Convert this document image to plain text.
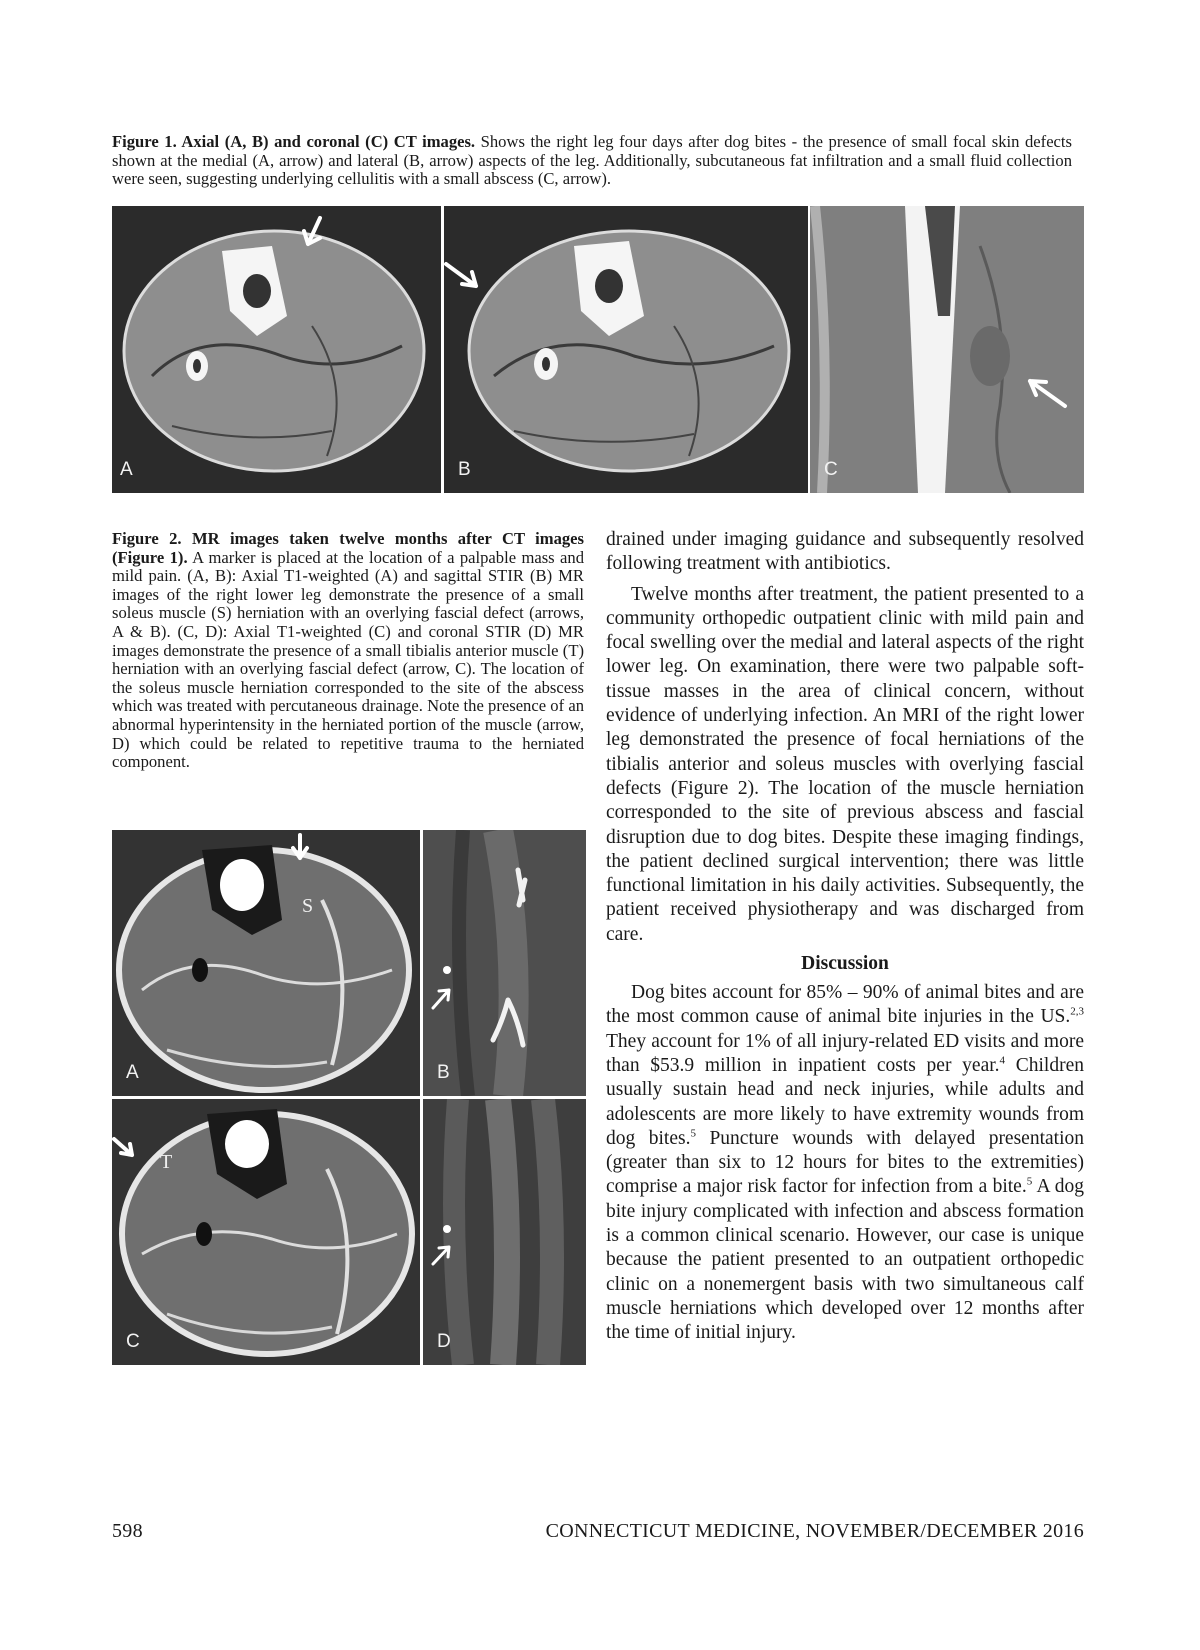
Figure 1. Axial (A, B) and coronal (C) CT images. Shows the right leg four days after dog bites - the presence of small focal skin defects shown at the medial (A, arrow) and lateral (B, arrow) aspects of the leg. Additionally, subcutaneous fat infiltration and a small fluid collection were seen, suggesting underlying cellulitis with a small abscess (C, arrow).
A	B	C
Figure 2. MR images taken twelve months after CT images (Figure 1). A marker is placed at the location of a palpable mass and mild pain. (A, B): Axial T1-weighted (A) and sagittal STIR (B) MR images of the right lower leg demonstrate the presence of a small soleus muscle (S) herniation with an overlying fascial defect (arrows, A & B). (C, D): Axial T1-weighted (C) and coronal STIR (D) MR images demonstrate the presence of a small tibialis anterior muscle (T) herniation with an overlying fascial defect (arrow, C). The location of the soleus muscle herniation corresponded to the site of the abscess which was treated with percutaneous drainage. Note the presence of an abnormal hyperintensity in the herniated portion of the muscle (arrow, D) which could be related to repetitive trauma to the herniated component.
S
A	B
T
C	D

drained under imaging guidance and subsequently resolved following treatment with antibiotics.

Twelve months after treatment, the patient presented to a community orthopedic outpatient clinic with mild pain and focal swelling over the medial and lateral aspects of the right lower leg. On examination, there were two palpable soft-tissue masses in the area of clinical concern, without evidence of underlying infection. An MRI of the right lower leg demonstrated the presence of focal herniations of the tibialis anterior and soleus muscles with overlying fascial defects (Figure 2). The location of the muscle herniation corresponded to the site of previous abscess and fascial disruption due to dog bites. Despite these imaging findings, the patient declined surgical intervention; there was little functional limitation in his daily activities. Subsequently, the patient received physiotherapy and was discharged from care.

Discussion

Dog bites account for 85% – 90% of animal bites and are the most common cause of animal bite injuries in the US.$^{2,3}$ They account for 1% of all injury-related ED visits and more than $53.9 million in inpatient costs per year.$^4$ Children usually sustain head and neck injuries, while adults and adolescents are more likely to have extremity wounds from dog bites.$^5$ Puncture wounds with delayed presentation (greater than six to 12 hours for bites to the extremities) comprise a major risk factor for infection from a bite.$^5$ A dog bite injury complicated with infection and abscess formation is a common clinical scenario. However, our case is unique because the patient presented to an outpatient orthopedic clinic on a nonemergent basis with two simultaneous calf muscle herniations which developed over 12 months after the time of initial injury.

598	CONNECTICUT MEDICINE, NOVEMBER/DECEMBER 2016
